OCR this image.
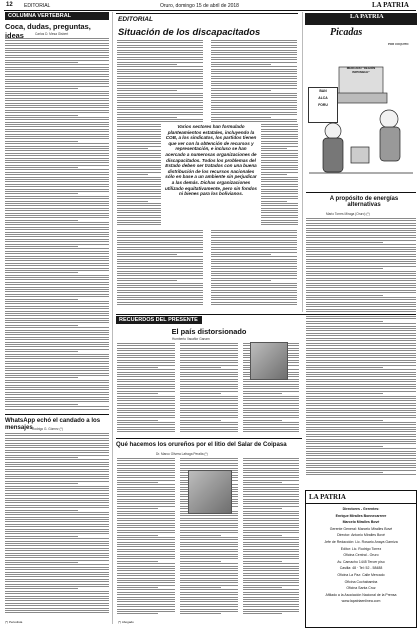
12 EDITORIAL	Oruro, domingo 15 de abril de 2018	LA PATRIA
COLUMNA VERTEBRAL
Coca, dudas, preguntas, ideas	Carlos D. Mesa Gisbert
WhatsApp echó el candado a los mensajes Rodrigo G. Gómez (*)
(*) Periodista
EDITORIAL
Situación de los discapacitados
Varios sectores han formulado planteamientos estatales, incluyendo la COB, a los sindicatos, los partidos tienen que ver con la obtención de recursos y representación, e incluso se han acercado a numerosas organizaciones de discapacitados. Todos los problemas del Estado deben ser tratados con una buena distribución de los recursos nacionales sólo en base a un ambiente sin perjudicar a las demás. Dichas organizaciones utilizado equitativamente, pero sin fondos ni bienes para los bolivianos.
LA PATRIA
Picadas
POR COQUITO
MERCADO "REGIÓN IMPOSIBLE"
BAN
ALCA
FORU
A propósito de energías alternativas
Mario Torres Miraga (Oruro) (*)
RECUERDOS DEL PRESENTE
El país distorsionado
Humberto Vacaflor Ganam
Qué hacemos los orureños por el litio del Salar de Coipasa
Dr. Marco Olivera Lafraga Peralta (*)
(*) Abogado
LA PATRIA
Directores - Gerentes:
Enrique Miralles Bonnecarrere
Marcelo Miralles Bové
Gerente General: Marcelo Miralles Bové
Director: Antonio Miralles Bové
Jefe de Redacción: Lic. Rosario Anaya Garniza
Editor: Lic. Rodrigo Torrez
Oficina Central - Oruro
Av. Camacho 1445 Tercer piso
Casilla: 48 · Tel: 52 - 58488
Oficina La Paz: Calle Mercado
Oficina Cochabamba
Oficina Santa Cruz
Afiliado a la Asociación Nacional de la Prensa
www.lapatriaenlinea.com
